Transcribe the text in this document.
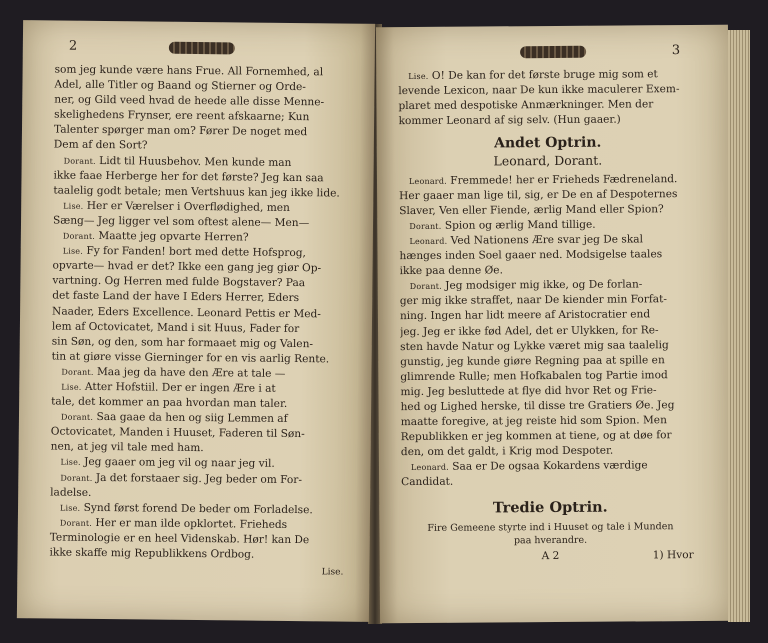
2
som jeg kunde være hans Frue. All Fornemhed, al
Adel, alle Titler og Baand og Stierner og Orde-
ner, og Gild veed hvad de heede alle disse Menne-
skelighedens Frynser, ere reent afskaarne; Kun
Talenter spørger man om? Fører De noget med
Dem af den Sort?
Dorant. Lidt til Huusbehov. Men kunde man
ikke faae Herberge her for det første? Jeg kan saa
taalelig godt betale; men Vertshuus kan jeg ikke lide.
Lise. Her er Værelser i Overflødighed, men
Sæng— Jeg ligger vel som oftest alene— Men—
Dorant. Maatte jeg opvarte Herren?
Lise. Fy for Fanden! bort med dette Hofsprog,
opvarte— hvad er det? Ikke een gang jeg giør Op-
vartning. Og Herren med fulde Bogstaver? Paa
det faste Land der have I Eders Herrer, Eders
Naader, Eders Excellence. Leonard Pettis er Med-
lem af Octovicatet, Mand i sit Huus, Fader for
sin Søn, og den, som har formaaet mig og Valen-
tin at giøre visse Gierninger for en vis aarlig Rente.
Dorant. Maa jeg da have den Ære at tale —
Lise. Atter Hofstiil. Der er ingen Ære i at
tale, det kommer an paa hvordan man taler.
Dorant. Saa gaae da hen og siig Lemmen af
Octovicatet, Manden i Huuset, Faderen til Søn-
nen, at jeg vil tale med ham.
Lise. Jeg gaaer om jeg vil og naar jeg vil.
Dorant. Ja det forstaaer sig. Jeg beder om For-
ladelse.
Lise. Synd først forend De beder om Forladelse.
Dorant. Her er man ilde opklortet. Frieheds
Terminologie er en heel Videnskab. Hør! kan De
ikke skaffe mig Republikkens Ordbog.
Lise.
3
Lise. O! De kan for det første bruge mig som et
levende Lexicon, naar De kun ikke maculerer Exem-
plaret med despotiske Anmærkninger. Men der
kommer Leonard af sig selv. (Hun gaaer.)
Andet Optrin.
Leonard, Dorant.
Leonard. Fremmede! her er Frieheds Fædreneland.
Her gaaer man lige til, sig, er De en af Despoternes
Slaver, Ven eller Fiende, ærlig Mand eller Spion?
Dorant. Spion og ærlig Mand tillige.
Leonard. Ved Nationens Ære svar jeg De skal
hænges inden Soel gaaer ned. Modsigelse taales
ikke paa denne Øe.
Dorant. Jeg modsiger mig ikke, og De forlan-
ger mig ikke straffet, naar De kiender min Forfat-
ning. Ingen har lidt meere af Aristocratier end
jeg. Jeg er ikke fød Adel, det er Ulykken, for Re-
sten havde Natur og Lykke været mig saa taalelig
gunstig, jeg kunde giøre Regning paa at spille en
glimrende Rulle; men Hofkabalen tog Partie imod
mig. Jeg besluttede at flye did hvor Ret og Frie-
hed og Lighed herske, til disse tre Gratiers Øe. Jeg
maatte foregive, at jeg reiste hid som Spion. Men
Republikken er jeg kommen at tiene, og at døe for
den, om det galdt, i Krig mod Despoter.
Leonard. Saa er De ogsaa Kokardens værdige
Candidat.
Tredie Optrin.
Fire Gemeene styrte ind i Huuset og tale i Munden
paa hverandre.
A 2	1) Hvor
